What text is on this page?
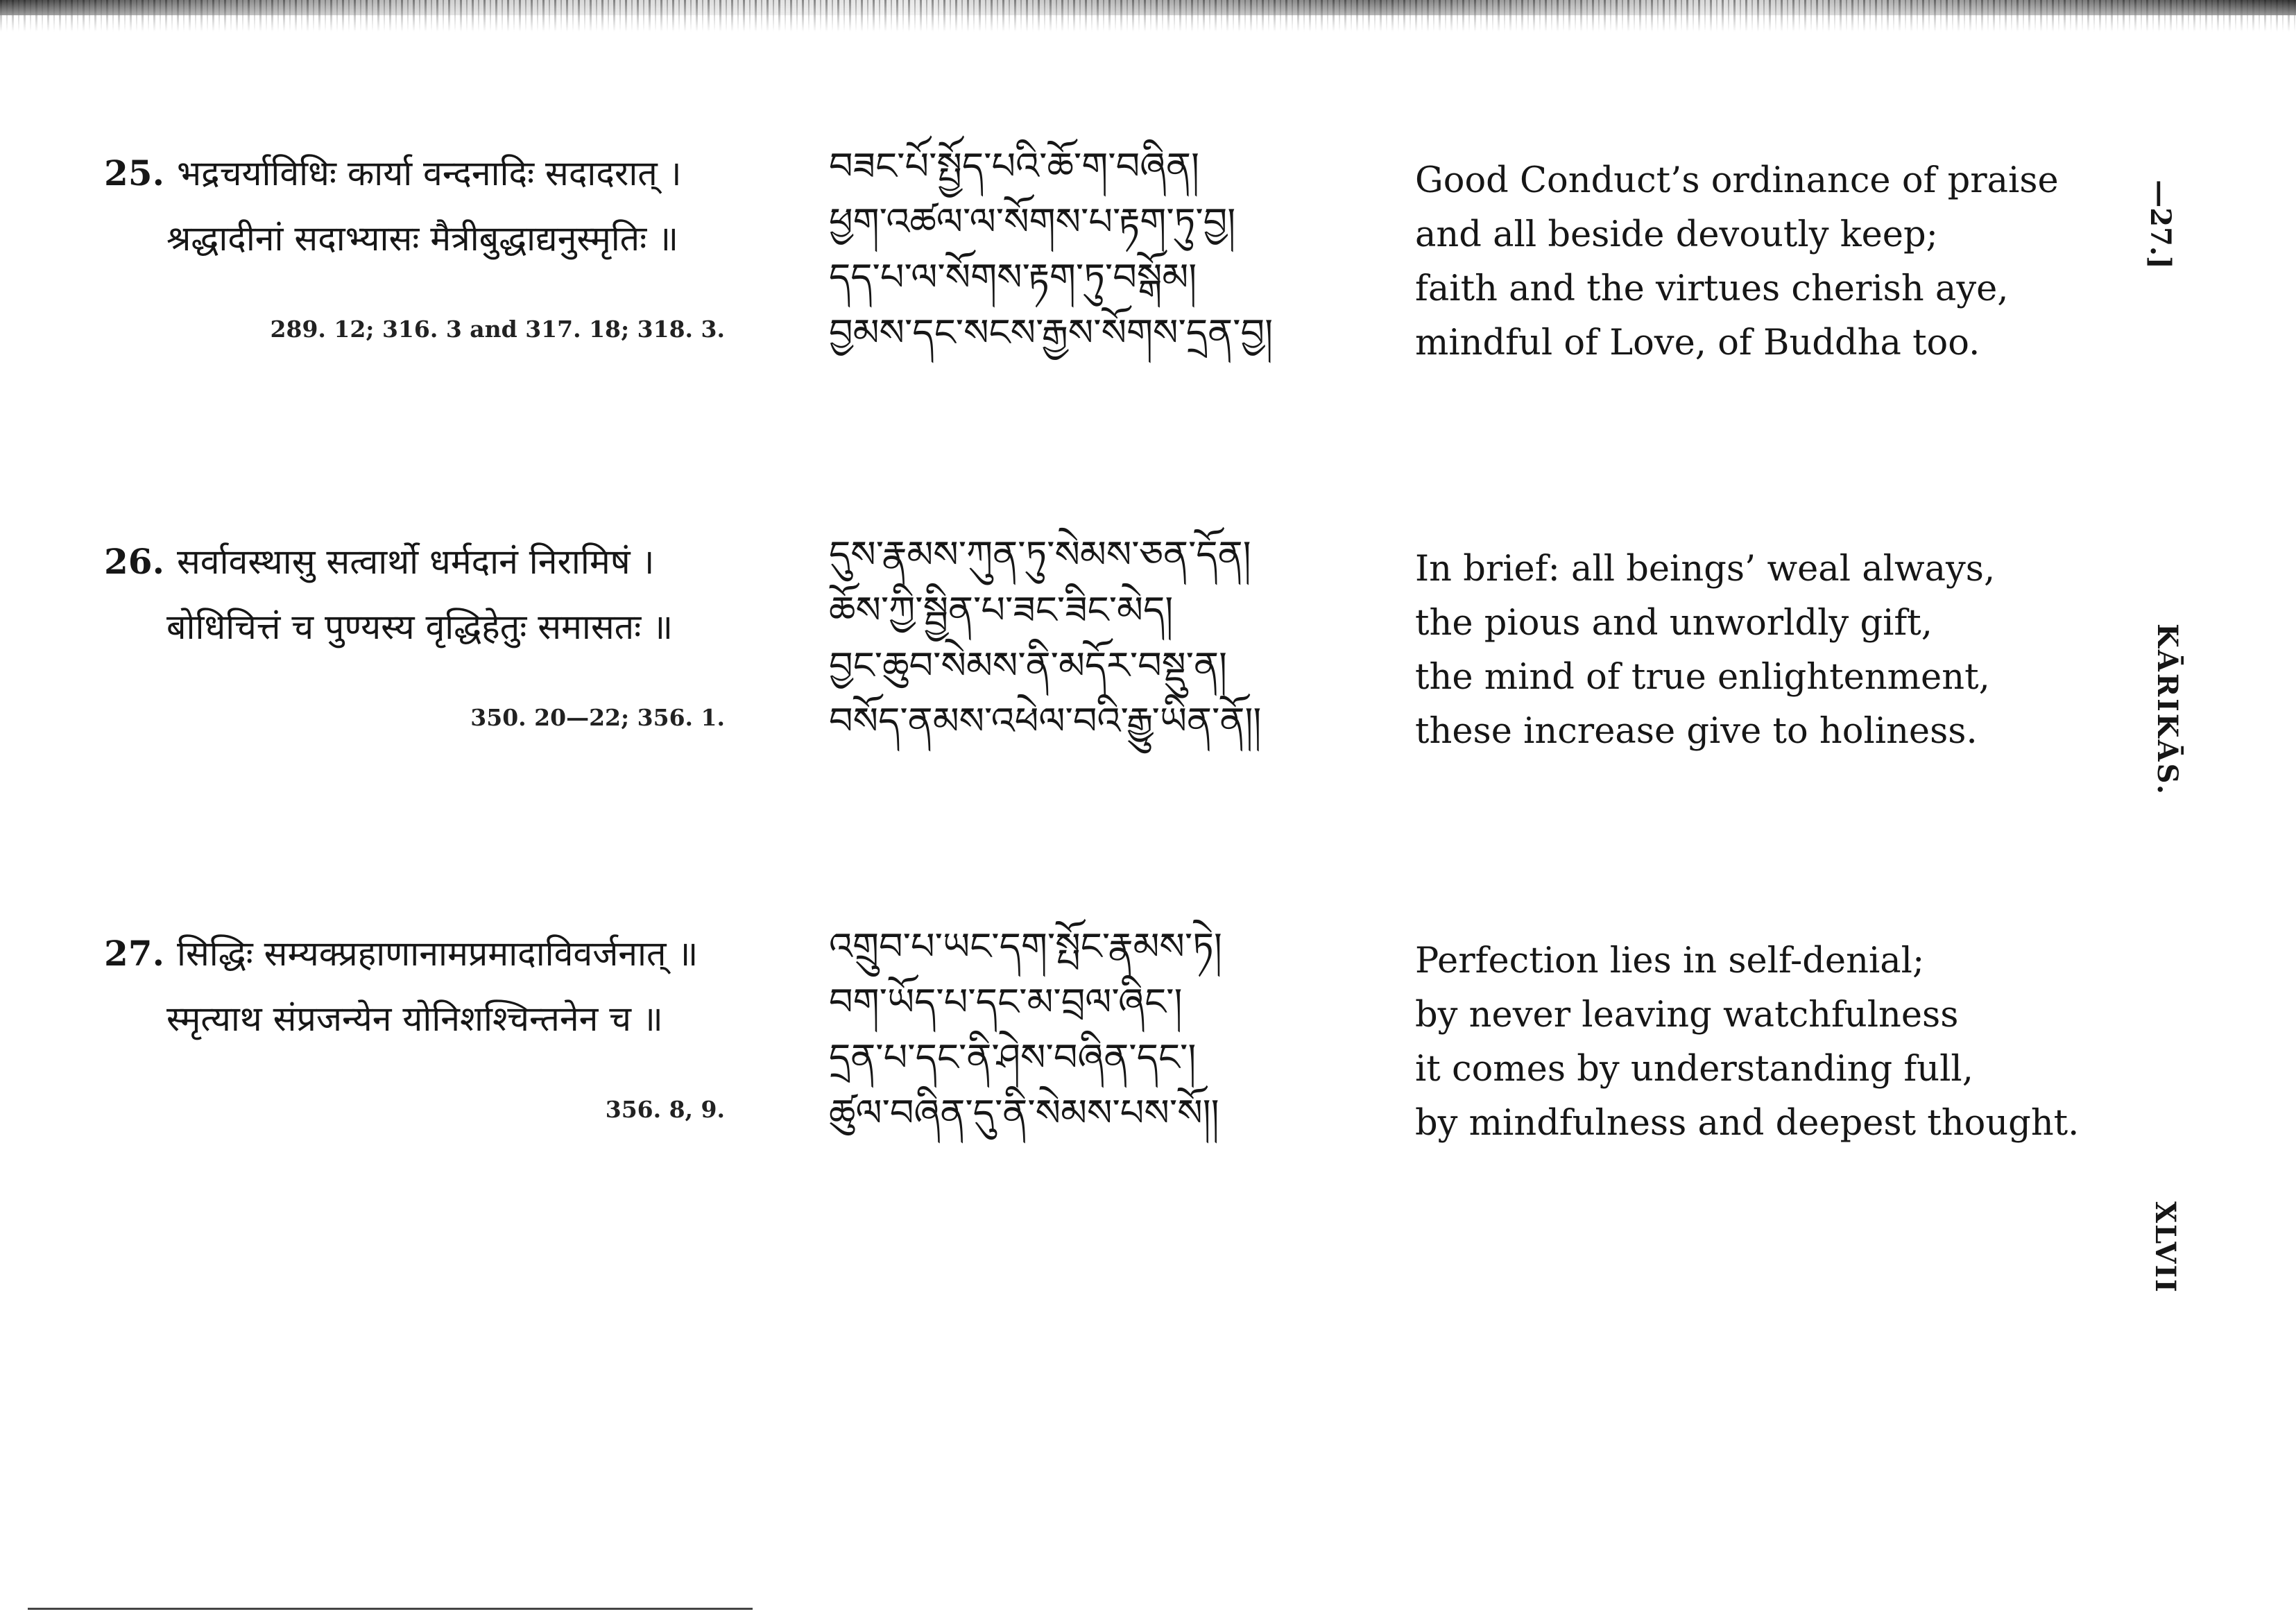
25. भद्रचर्याविधिः कार्या वन्दनादिः सदादरात् ।
श्रद्धादीनां सदाभ्यासः मैत्रीबुद्धाद्यनुस्मृतिः ॥
289. 12; 316. 3 and 317. 18; 318. 3.
བཟང་པོ་སྤྱོད་པའི་ཆོ་ག་བཞིན།
ཕྱག་འཚལ་ལ་སོགས་པ་རྟག་ཏུ་བྱ།
དད་པ་ལ་སོགས་རྟག་ཏུ་བསྒོམ།
བྱམས་དང་སངས་རྒྱས་སོགས་དྲན་བྱ།
Good Conduct’s ordinance of praise
and all beside devoutly keep;
faith and the virtues cherish aye,
mindful of Love, of Buddha too.
26. सर्वावस्थासु सत्वार्थो धर्मदानं निरामिषं ।
बोधिचित्तं च पुण्यस्य वृद्धिहेतुः समासतः ॥
350. 20—22; 356. 1.
དུས་རྣམས་ཀུན་ཏུ་སེམས་ཅན་དོན།
ཆོས་ཀྱི་སྦྱིན་པ་ཟང་ཟིང་མེད།
བྱང་ཆུབ་སེམས་ནི་མདོར་བསྡུ་ན།
བསོད་ནམས་འཕེལ་བའི་རྒྱུ་ཡིན་ནོ།།
In brief: all beings’ weal always,
the pious and unworldly gift,
the mind of true enlightenment,
these increase give to holiness.
27. सिद्धिः सम्यक्प्रहाणानामप्रमादाविवर्जनात् ॥
स्मृत्याथ संप्रजन्येन योनिशश्चिन्तनेन च ॥
356. 8, 9.
འགྲུབ་པ་ཡང་དག་སྤོང་རྣམས་ཏེ།
བག་ཡོད་པ་དང་མ་བྲལ་ཞིང་།
དྲན་པ་དང་ནི་ཤེས་བཞིན་དང་།
ཚུལ་བཞིན་དུ་ནི་སེམས་པས་སོ།།
Perfection lies in self-denial;
by never leaving watchfulness
it comes by understanding full,
by mindfulness and deepest thought.
—27.]
KĀRIKĀS.
XLVII
